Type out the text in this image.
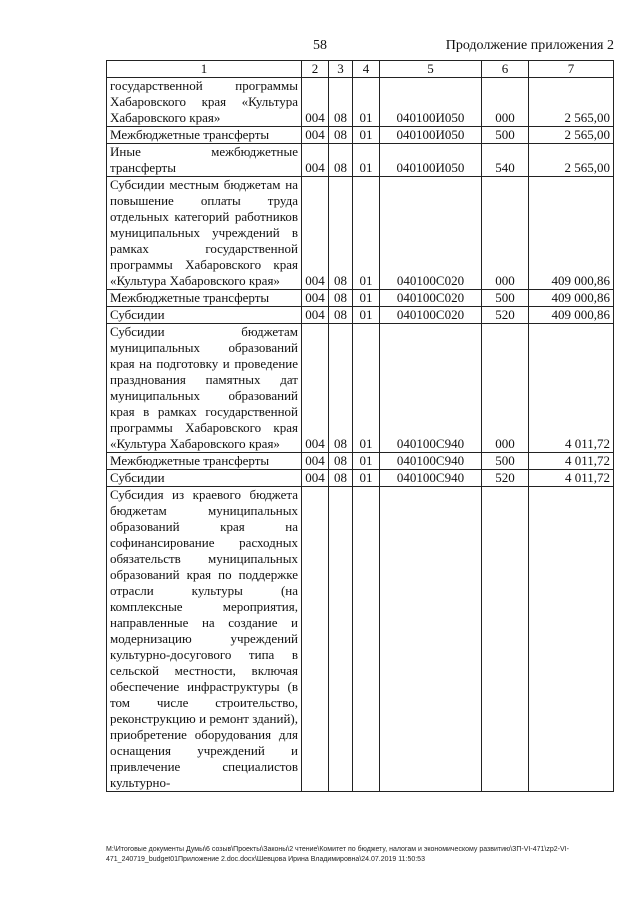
58	Продолжение приложения 2
1	2	3	4	5	6	7
государственной программы Хабаровского края «Культура Хабаровского края»	004	08	01	040100И050	000	2 565,00
Межбюджетные трансферты	004	08	01	040100И050	500	2 565,00
Иные межбюджетные трансферты	004	08	01	040100И050	540	2 565,00
Субсидии местным бюджетам на повышение оплаты труда отдельных категорий работников муниципальных учреждений в рамках государственной программы Хабаровского края «Культура Хабаровского края»	004	08	01	040100С020	000	409 000,86
Межбюджетные трансферты	004	08	01	040100С020	500	409 000,86
Субсидии	004	08	01	040100С020	520	409 000,86
Субсидии бюджетам муниципальных образований края на подготовку и проведение празднования памятных дат муниципальных образований края в рамках государственной программы Хабаровского края «Культура Хабаровского края»	004	08	01	040100С940	000	4 011,72
Межбюджетные трансферты	004	08	01	040100С940	500	4 011,72
Субсидии	004	08	01	040100С940	520	4 011,72
Субсидия из краевого бюджета бюджетам муниципальных образований края на софинансирование расходных обязательств муниципальных образований края по поддержке отрасли культуры (на комплексные мероприятия, направленные на создание и модернизацию учреждений культурно-досугового типа в сельской местности, включая обеспечение инфраструктуры (в том числе строительство, реконструкцию и ремонт зданий), приобретение оборудования для оснащения учреждений и привлечение специалистов культурно-						
М:\Итоговые документы Думы\6 созыв\Проекты\Законы\2 чтение\Комитет по бюджету, налогам и экономическому развитию\ЗП-VI-471\zp2-VI-471_240719_budget01Приложение 2.doc.docx\Шевцова Ирина Владимировна\24.07.2019 11:50:53
